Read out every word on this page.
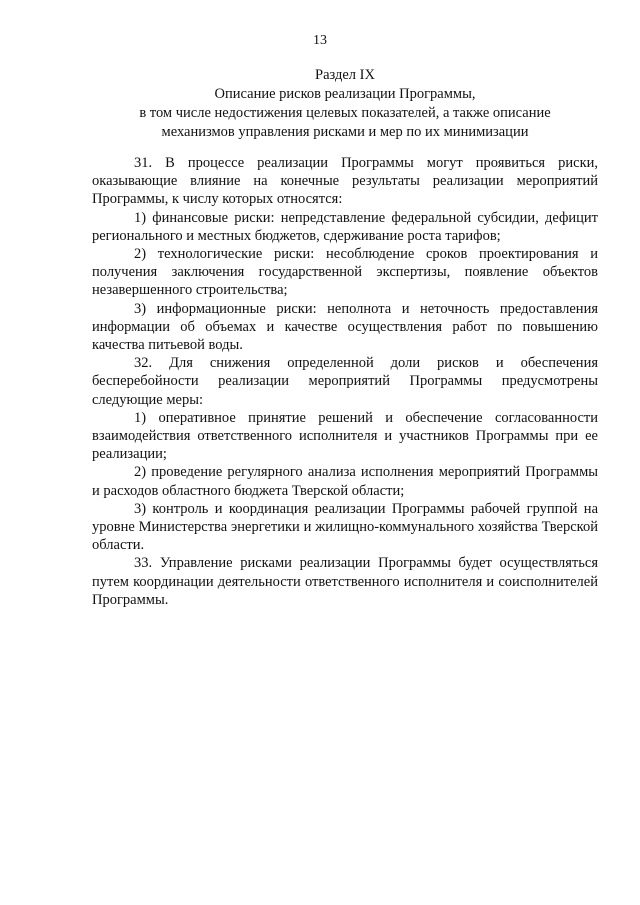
13
Раздел IX
Описание рисков реализации Программы,
в том числе недостижения целевых показателей, а также описание
механизмов управления рисками и мер по их минимизации

31. В процессе реализации Программы могут проявиться риски, оказывающие влияние на конечные результаты реализации мероприятий Программы, к числу которых относятся:

1) финансовые риски: непредставление федеральной субсидии, дефицит регионального и местных бюджетов, сдерживание роста тарифов;

2) технологические риски: несоблюдение сроков проектирования и получения заключения государственной экспертизы, появление объектов незавершенного строительства;

3) информационные риски: неполнота и неточность предоставления информации об объемах и качестве осуществления работ по повышению качества питьевой воды.

32. Для снижения определенной доли рисков и обеспечения бесперебойности реализации мероприятий Программы предусмотрены следующие меры:

1) оперативное принятие решений и обеспечение согласованности взаимодействия ответственного исполнителя и участников Программы при ее реализации;

2) проведение регулярного анализа исполнения мероприятий Программы и расходов областного бюджета Тверской области;

3) контроль и координация реализации Программы рабочей группой на уровне Министерства энергетики и жилищно-коммунального хозяйства Тверской области.

33. Управление рисками реализации Программы будет осуществляться путем координации деятельности ответственного исполнителя и соисполнителей Программы.
